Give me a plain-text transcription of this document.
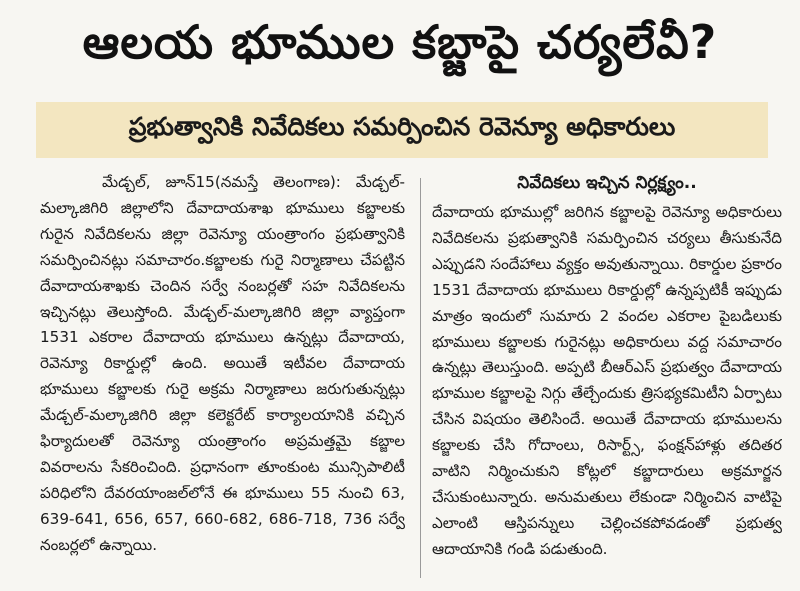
ఆలయ భూముల కబ్జాపై చర్యలేవీ?
ప్రభుత్వానికి నివేదికలు సమర్పించిన రెవెన్యూ అధికారులు

మేడ్చల్, జూన్15(నమస్తే తెలంగాణ): మేడ్చల్-మల్కాజిగిరి జిల్లాలోని దేవాదాయశాఖ భూములు కబ్జాలకు గురైన నివేదికలను జిల్లా రెవెన్యూ యంత్రాంగం ప్రభుత్వానికి సమర్పించినట్లు సమాచారం.కబ్జాలకు గురై నిర్మాణాలు చేపట్టిన దేవాదాయశాఖకు చెందిన సర్వే నంబర్లతో సహ నివేదికలను ఇచ్చినట్లు తెలుస్తోంది. మేడ్చల్-మల్కాజిగిరి జిల్లా వ్యాప్తంగా 1531 ఎకరాల దేవాదాయ భూములు ఉన్నట్లు దేవాదాయ, రెవెన్యూ రికార్డుల్లో ఉంది. అయితే ఇటీవల దేవాదాయ భూములు కబ్జాలకు గురై అక్రమ నిర్మాణాలు జరుగుతున్నట్లు మేడ్చల్-మల్కాజిగిరి జిల్లా కలెక్టరేట్ కార్యాలయానికి వచ్చిన ఫిర్యాదులతో రెవెన్యూ యంత్రాంగం అప్రమత్తమై కబ్జాల వివరాలను సేకరించింది. ప్రధానంగా తూంకుంట మున్సిపాలిటీ పరిధిలోని దేవరయాంజల్‌లోనే ఈ భూములు 55 నుంచి 63, 639-641, 656, 657, 660-682, 686-718, 736 సర్వే నంబర్లలో ఉన్నాయి.

నివేదికలు ఇచ్చిన నిర్లక్ష్యం..

దేవాదాయ భూముల్లో జరిగిన కబ్జాలపై రెవెన్యూ అధికారులు నివేదికలను ప్రభుత్వానికి సమర్పించిన చర్యలు తీసుకునేది ఎప్పుడని సందేహాలు వ్యక్తం అవుతున్నాయి. రికార్డుల ప్రకారం 1531 దేవాదాయ భూములు రికార్డుల్లో ఉన్నప్పటికీ ఇప్పుడు మాత్రం ఇందులో సుమారు 2 వందల ఎకరాల పైబడిలుకు భూములు కబ్జాలకు గురైనట్లు అధికారులు వద్ద సమాచారం ఉన్నట్లు తెలుస్తుంది. అప్పటి బీఆర్ఎస్ ప్రభుత్వం దేవాదాయ భూముల కబ్జాలపై నిగ్గు తేల్చేందుకు త్రిసభ్యకమిటీని ఏర్పాటు చేసిన విషయం తెలిసిందే. అయితే దేవాదాయ భూములను కబ్జాలకు చేసి గోదాంలు, రిసార్ట్స్, ఫంక్షన్‌హాళ్లు తదితర వాటిని నిర్మించుకుని కోట్లలో కబ్జాదారులు అక్రమార్జన చేసుకుంటున్నారు. అనుమతులు లేకుండా నిర్మించిన వాటిపై ఎలాంటి ఆస్తిపన్నులు చెల్లించకపోవడంతో ప్రభుత్వ ఆదాయానికి గండి పడుతుంది.
